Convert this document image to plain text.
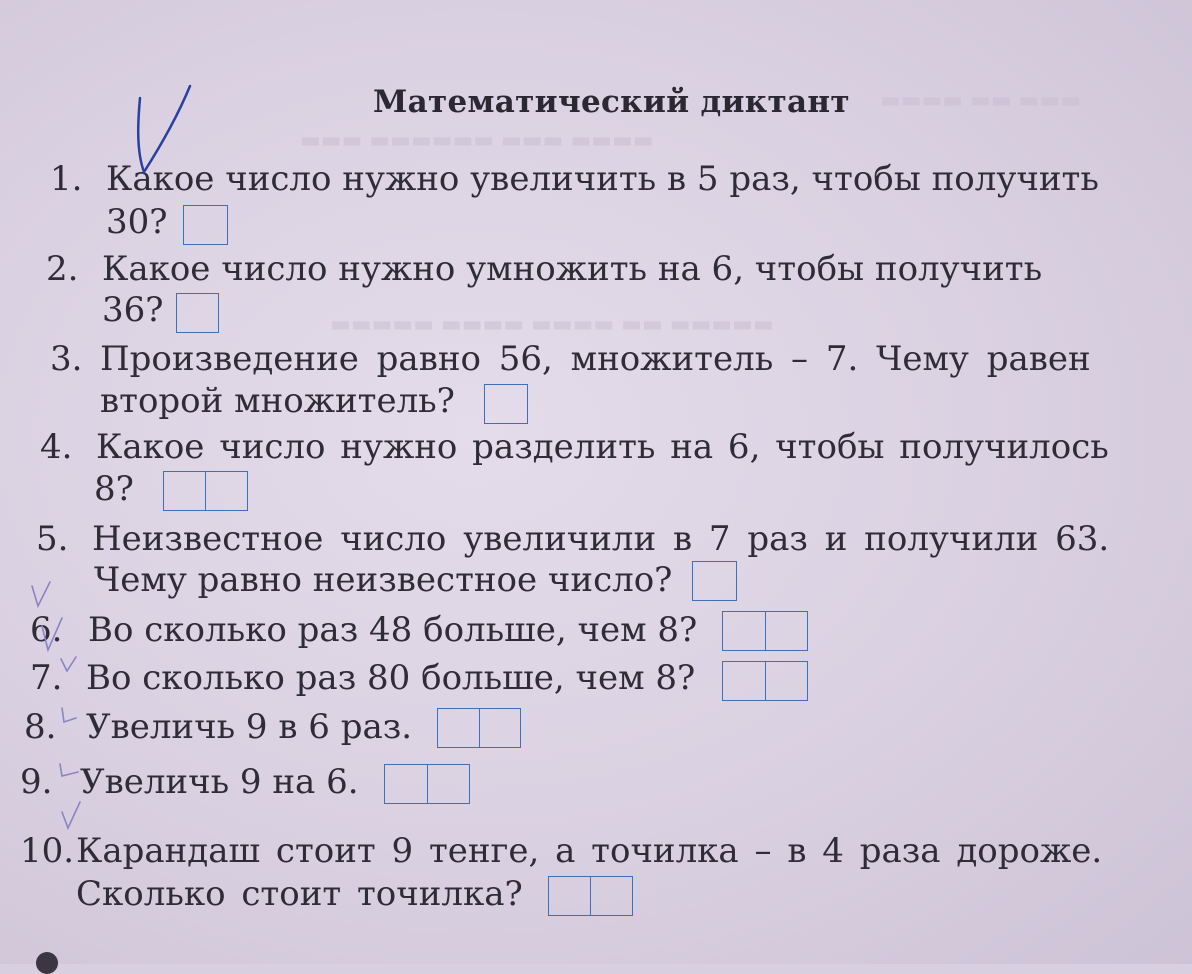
▬▬▬ ▬▬ ▬▬▬▬
▬▬▬▬ ▬▬▬ ▬▬▬▬▬▬ ▬▬▬
▬▬▬▬▬ ▬▬ ▬▬▬▬ ▬▬▬▬ ▬▬▬▬▬
Математический диктант
1. Какое число нужно увеличить в 5 раз, чтобы получить
30?
2. Какое число нужно умножить на 6, чтобы получить
36?
3. Произведение равно 56, множитель – 7. Чему равен
второй множитель?
4. Какое число нужно разделить на 6, чтобы получилось
8?
5. Неизвестное число увеличили в 7 раз и получили 63.
Чему равно неизвестное число?
6. Во сколько раз 48 больше, чем 8?
7. Во сколько раз 80 больше, чем 8?
8. Увеличь 9 в 6 раз.
9. Увеличь 9 на 6.
10.Карандаш стоит 9 тенге, а точилка – в 4 раза дороже.
Сколько стоит точилка?
